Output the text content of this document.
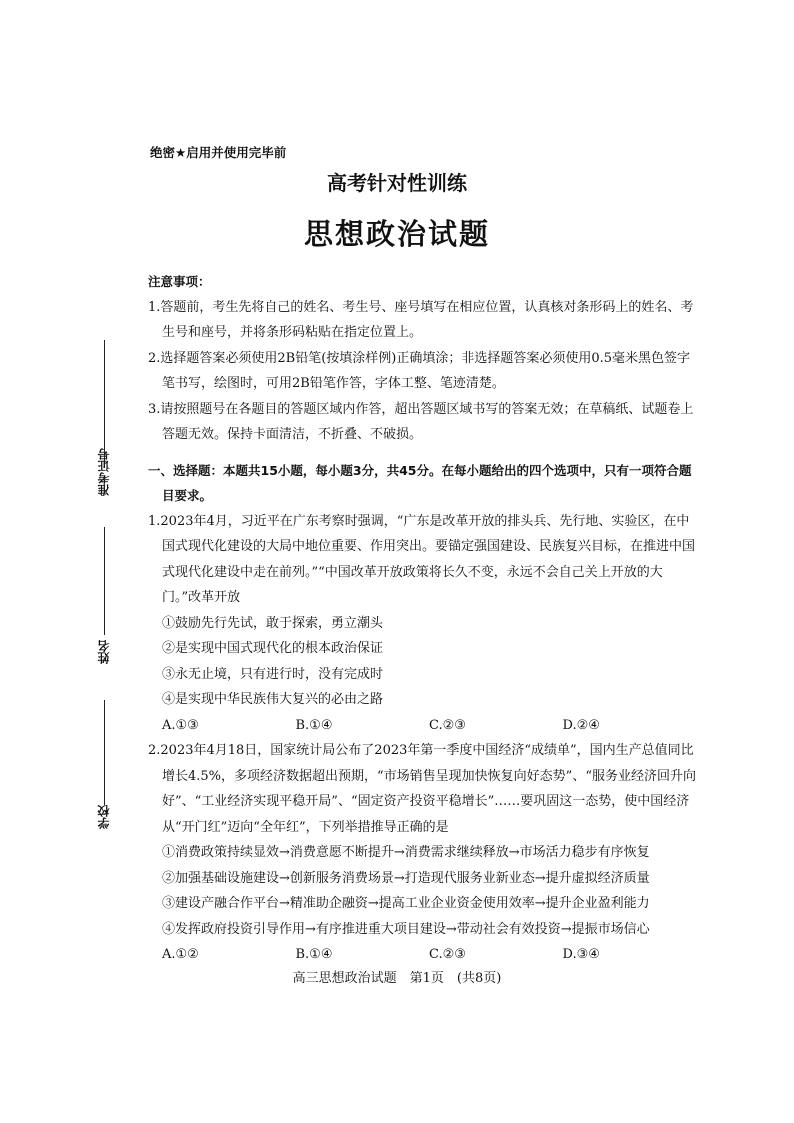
准考证号
姓名
学校
绝密★启用并使用完毕前
高考针对性训练
思想政治试题
注意事项：
1.答题前，考生先将自己的姓名、考生号、座号填写在相应位置，认真核对条形码上的姓名、考生号和座号，并将条形码粘贴在指定位置上。
2.选择题答案必须使用2B铅笔(按填涂样例)正确填涂；非选择题答案必须使用0.5毫米黑色签字笔书写，绘图时，可用2B铅笔作答，字体工整、笔迹清楚。
3.请按照题号在各题目的答题区域内作答，超出答题区域书写的答案无效；在草稿纸、试题卷上答题无效。保持卡面清洁，不折叠、不破损。
一、选择题：本题共15小题，每小题3分，共45分。在每小题给出的四个选项中，只有一项符合题目要求。
1.2023年4月，习近平在广东考察时强调，“广东是改革开放的排头兵、先行地、实验区，在中国式现代化建设的大局中地位重要、作用突出。要锚定强国建设、民族复兴目标，在推进中国式现代化建设中走在前列。”“中国改革开放政策将长久不变，永远不会自己关上开放的大门。”改革开放
①鼓励先行先试，敢于探索，勇立潮头
②是实现中国式现代化的根本政治保证
③永无止境，只有进行时，没有完成时
④是实现中华民族伟大复兴的必由之路
A.①③	B.①④	C.②③	D.②④
2.2023年4月18日，国家统计局公布了2023年第一季度中国经济“成绩单”，国内生产总值同比增长4.5%，多项经济数据超出预期，“市场销售呈现加快恢复向好态势”、“服务业经济回升向好”、“工业经济实现平稳开局”、“固定资产投资平稳增长”……要巩固这一态势，使中国经济从“开门红”迈向“全年红”，下列举措推导正确的是
①消费政策持续显效→消费意愿不断提升→消费需求继续释放→市场活力稳步有序恢复
②加强基础设施建设→创新服务消费场景→打造现代服务业新业态→提升虚拟经济质量
③建设产融合作平台→精准助企融资→提高工业企业资金使用效率→提升企业盈利能力
④发挥政府投资引导作用→有序推进重大项目建设→带动社会有效投资→提振市场信心
A.①②	B.①④	C.②③	D.③④
高三思想政治试题　第1页　(共8页)
